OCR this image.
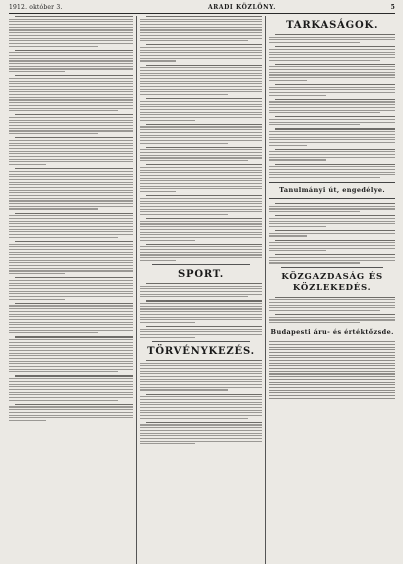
1912. október 3.	ARADI KÖZLÖNY.	5
SPORT.
TÖRVÉNYKEZÉS.
TARKASÁGOK.
Tanulmányi út, engedélye.
KÖZGAZDASÁG ÉS KÖZLEKEDÉS.
Budapesti áru- és értéktőzsde.
